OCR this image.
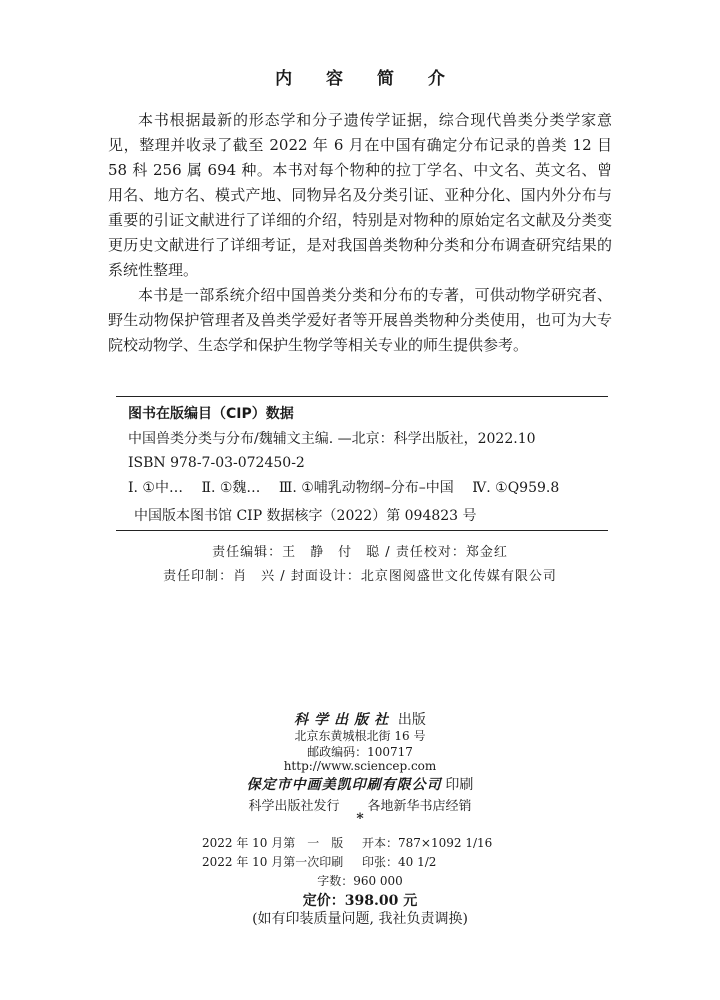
内 容 简 介

本书根据最新的形态学和分子遗传学证据，综合现代兽类分类学家意见，整理并收录了截至 2022 年 6 月在中国有确定分布记录的兽类 12 目 58 科 256 属 694 种。本书对每个物种的拉丁学名、中文名、英文名、曾用名、地方名、模式产地、同物异名及分类引证、亚种分化、国内外分布与重要的引证文献进行了详细的介绍，特别是对物种的原始定名文献及分类变更历史文献进行了详细考证，是对我国兽类物种分类和分布调查研究结果的系统性整理。

本书是一部系统介绍中国兽类分类和分布的专著，可供动物学研究者、野生动物保护管理者及兽类学爱好者等开展兽类物种分类使用，也可为大专院校动物学、生态学和保护生物学等相关专业的师生提供参考。

图书在版编目（CIP）数据
中国兽类分类与分布/魏辅文主编. —北京：科学出版社，2022.10
ISBN 978-7-03-072450-2
Ⅰ. ①中… Ⅱ. ①魏… Ⅲ. ①哺乳动物纲–分布–中国 Ⅳ. ①Q959.8
中国版本图书馆 CIP 数据核字（2022）第 094823 号
责任编辑：王　静　付　聪 / 责任校对：郑金红
责任印制：肖　兴 / 封面设计：北京图阅盛世文化传媒有限公司
科学出版社 出版
北京东黄城根北街 16 号
邮政编码：100717
http://www.sciencep.com
保定市中画美凯印刷有限公司 印刷
科学出版社发行 各地新华书店经销
*
2022 年 10 月第　一　版 开本：787×1092 1/16
2022 年 10 月第一次印刷 印张：40 1/2
字数：960 000
定价：398.00 元
(如有印装质量问题, 我社负责调换)
